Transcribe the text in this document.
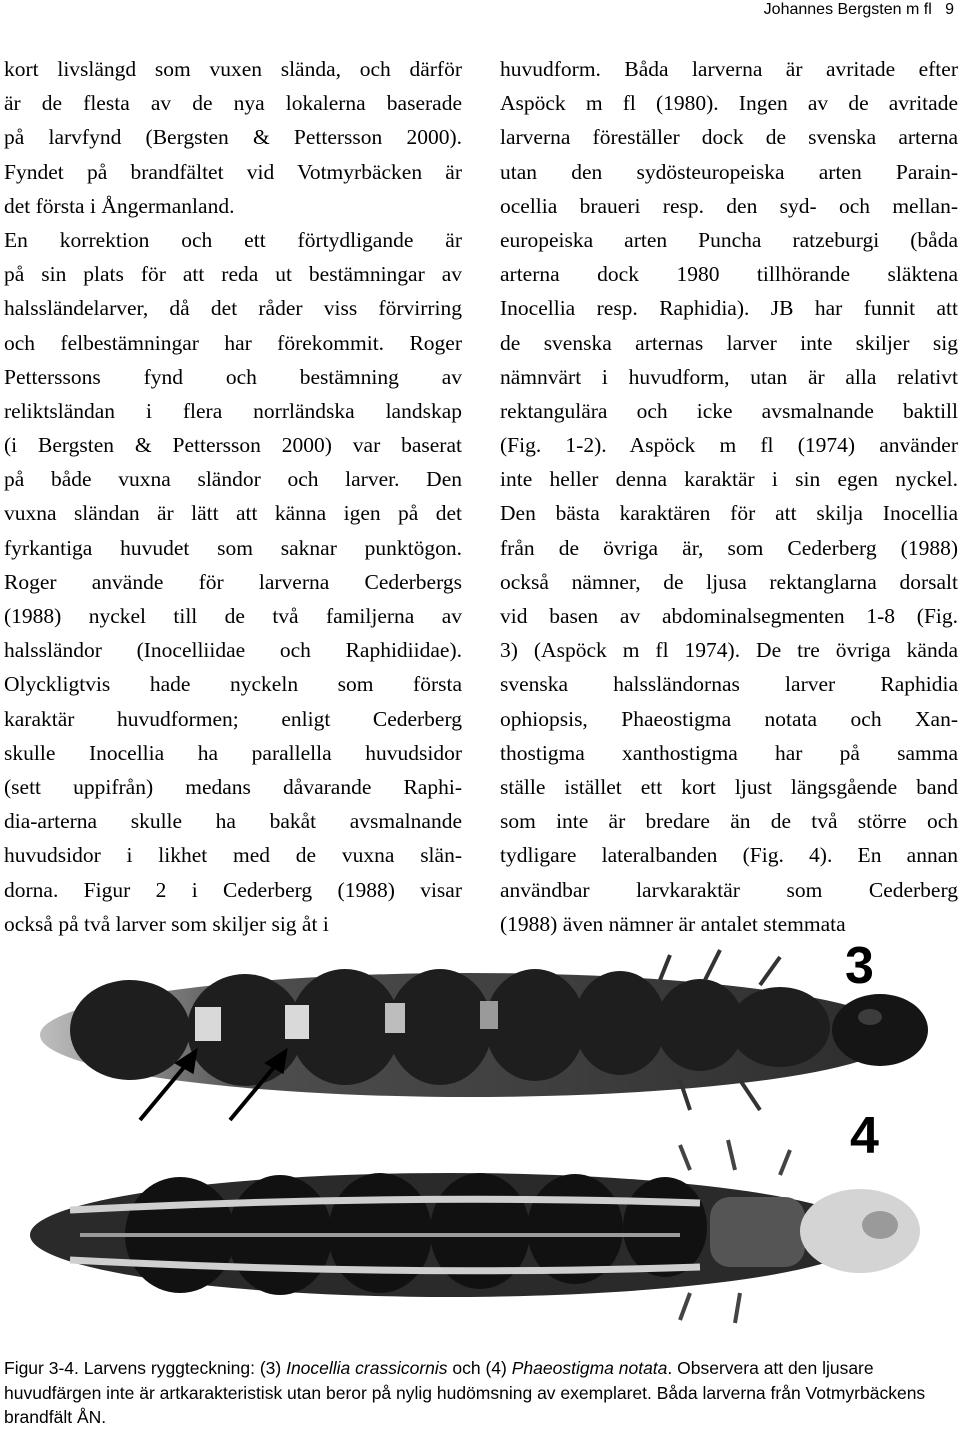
Johannes Bergsten m fl   9
kort livslängd som vuxen slända, och därför
är de flesta av de nya lokalerna baserade
på larvfynd (Bergsten & Pettersson 2000).
Fyndet på brandfältet vid Votmyrbäcken är
det första i Ångermanland.
En korrektion och ett förtydligande är
på sin plats för att reda ut bestämningar av
halssländelarver, då det råder viss förvirring
och felbestämningar har förekommit. Roger
Petterssons fynd och bestämning av
reliktsländan i flera norrländska landskap
(i Bergsten & Pettersson 2000) var baserat
på både vuxna sländor och larver. Den
vuxna sländan är lätt att känna igen på det
fyrkantiga huvudet som saknar punktögon.
Roger använde för larverna Cederbergs
(1988) nyckel till de två familjerna av
halssländor (Inocelliidae och Raphidiidae).
Olyckligtvis hade nyckeln som första
karaktär huvudformen; enligt Cederberg
skulle Inocellia ha parallella huvudsidor
(sett uppifrån) medans dåvarande Raphi-
dia-arterna skulle ha bakåt avsmalnande
huvudsidor i likhet med de vuxna slän-
dorna. Figur 2 i Cederberg (1988) visar
också på två larver som skiljer sig åt i
huvudform. Båda larverna är avritade efter
Aspöck m fl (1980). Ingen av de avritade
larverna föreställer dock de svenska arterna
utan den sydösteuropeiska arten Parain-
ocellia braueri resp. den syd- och mellan-
europeiska arten Puncha ratzeburgi (båda
arterna dock 1980 tillhörande släktena
Inocellia resp. Raphidia). JB har funnit att
de svenska arternas larver inte skiljer sig
nämnvärt i huvudform, utan är alla relativt
rektangulära och icke avsmalnande baktill
(Fig. 1-2). Aspöck m fl (1974) använder
inte heller denna karaktär i sin egen nyckel.
Den bästa karaktären för att skilja Inocellia
från de övriga är, som Cederberg (1988)
också nämner, de ljusa rektanglarna dorsalt
vid basen av abdominalsegmenten 1-8 (Fig.
3) (Aspöck m fl 1974). De tre övriga kända
svenska halssländornas larver Raphidia
ophiopsis, Phaeostigma notata och Xan-
thostigma xanthostigma har på samma
ställe istället ett kort ljust längsgående band
som inte är bredare än de två större och
tydligare lateralbanden (Fig. 4). En annan
användbar larvkaraktär som Cederberg
(1988) även nämner är antalet stemmata
3
4
Figur 3-4. Larvens ryggteckning: (3) Inocellia crassicornis och (4) Phaeostigma notata. Observera att den ljusare huvudfärgen inte är artkarakteristisk utan beror på nylig hudömsning av exemplaret. Båda larverna från Votmyrbäckens brandfält ÅN.
